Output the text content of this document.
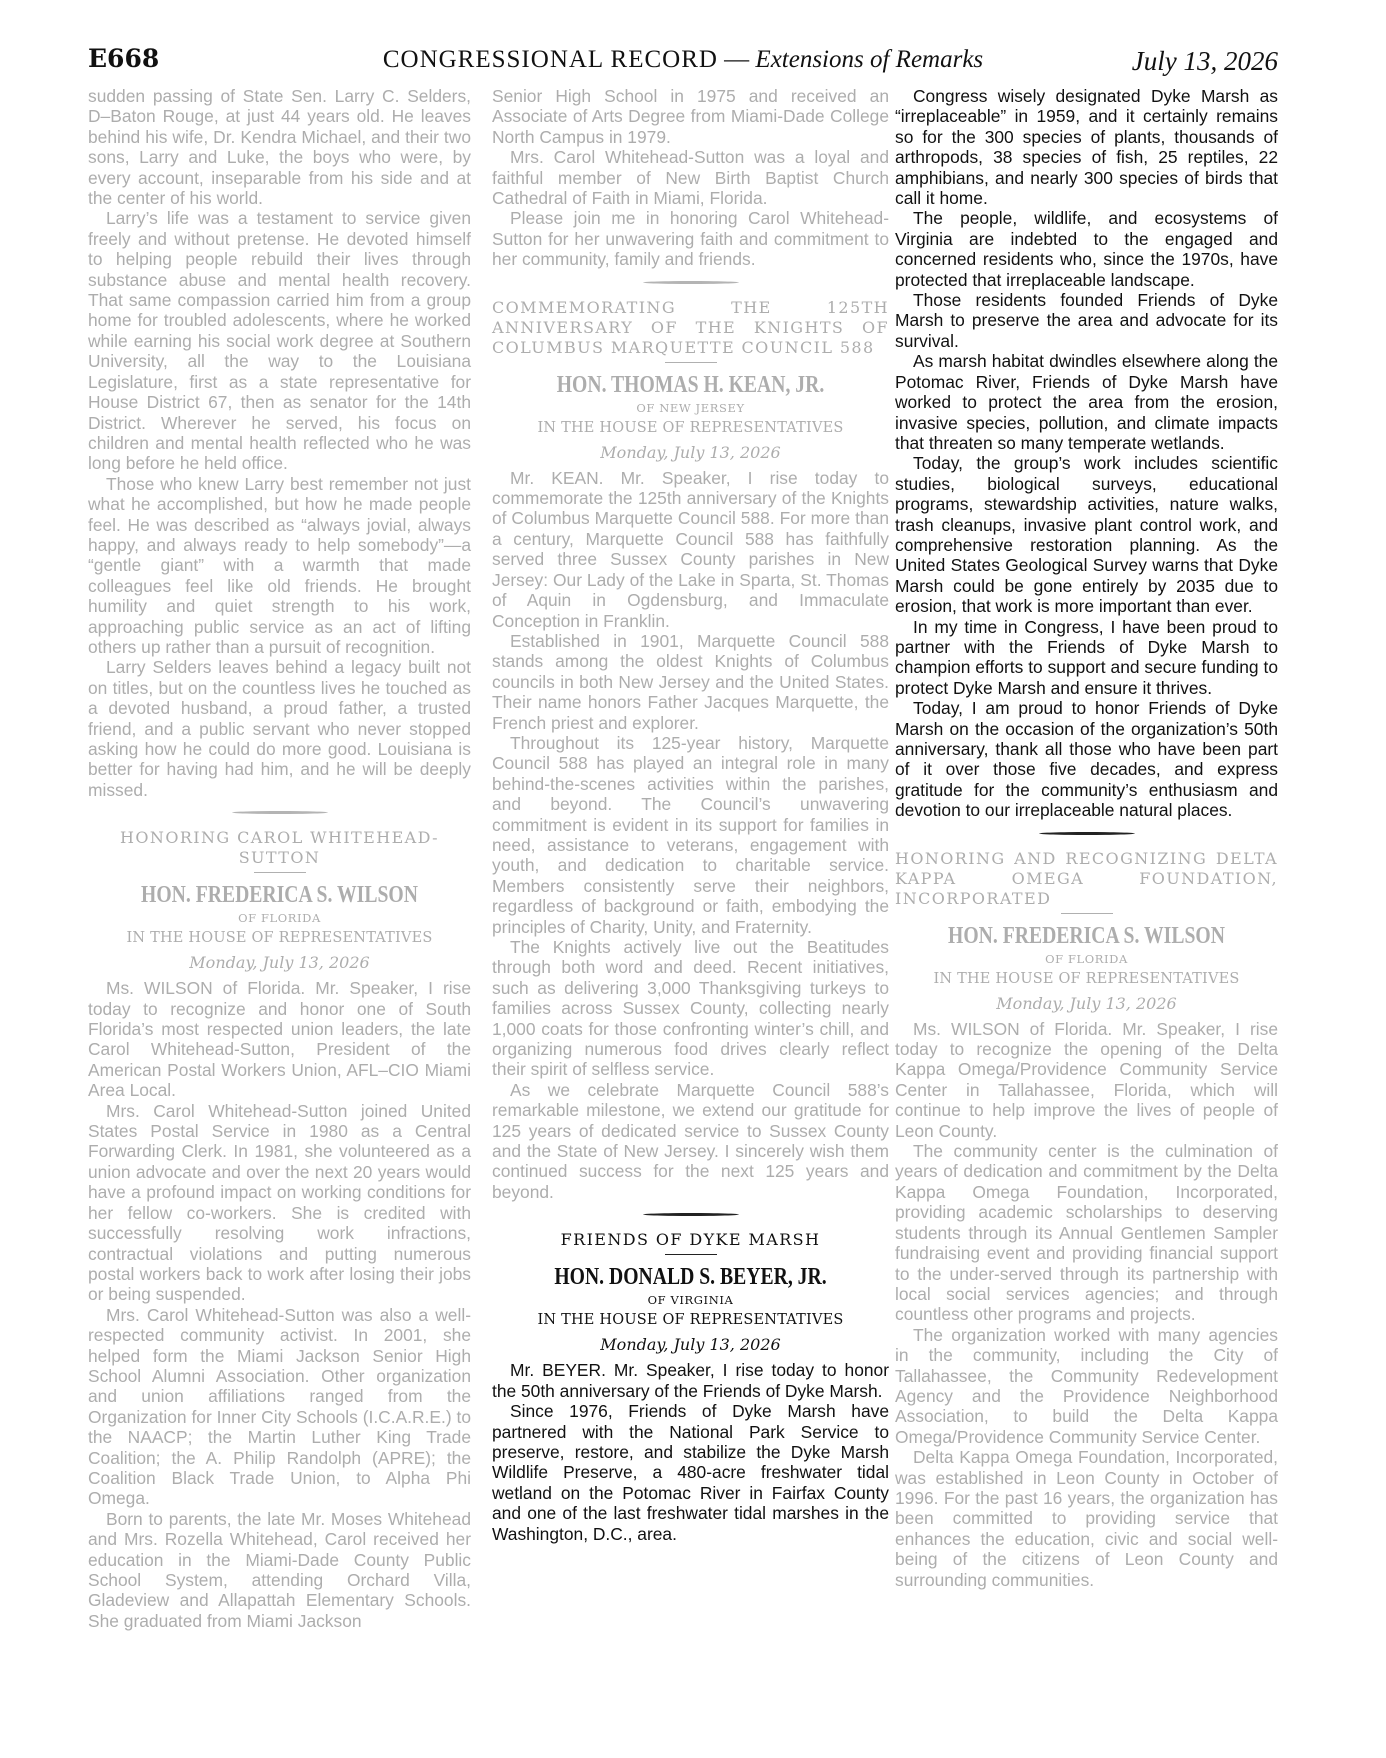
E668	CONGRESSIONAL RECORD — Extensions of Remarks	July 13, 2026

sudden passing of State Sen. Larry C. Selders, D–Baton Rouge, at just 44 years old. He leaves behind his wife, Dr. Kendra Michael, and their two sons, Larry and Luke, the boys who were, by every account, inseparable from his side and at the center of his world.

Larry’s life was a testament to service given freely and without pretense. He devoted himself to helping people rebuild their lives through substance abuse and mental health recovery. That same compassion carried him from a group home for troubled adolescents, where he worked while earning his social work degree at Southern University, all the way to the Louisiana Legislature, first as a state representative for House District 67, then as senator for the 14th District. Wherever he served, his focus on children and mental health reflected who he was long before he held office.

Those who knew Larry best remember not just what he accomplished, but how he made people feel. He was described as “always jovial, always happy, and always ready to help somebody”—a “gentle giant” with a warmth that made colleagues feel like old friends. He brought humility and quiet strength to his work, approaching public service as an act of lifting others up rather than a pursuit of recognition.

Larry Selders leaves behind a legacy built not on titles, but on the countless lives he touched as a devoted husband, a proud father, a trusted friend, and a public servant who never stopped asking how he could do more good. Louisiana is better for having had him, and he will be deeply missed.

HONORING CAROL WHITEHEAD-SUTTON
HON. FREDERICA S. WILSON
OF FLORIDA
IN THE HOUSE OF REPRESENTATIVES
Monday, July 13, 2026

Ms. WILSON of Florida. Mr. Speaker, I rise today to recognize and honor one of South Florida’s most respected union leaders, the late Carol Whitehead-Sutton, President of the American Postal Workers Union, AFL–CIO Miami Area Local.

Mrs. Carol Whitehead-Sutton joined United States Postal Service in 1980 as a Central Forwarding Clerk. In 1981, she volunteered as a union advocate and over the next 20 years would have a profound impact on working conditions for her fellow co-workers. She is credited with successfully resolving work infractions, contractual violations and putting numerous postal workers back to work after losing their jobs or being suspended.

Mrs. Carol Whitehead-Sutton was also a well-respected community activist. In 2001, she helped form the Miami Jackson Senior High School Alumni Association. Other organization and union affiliations ranged from the Organization for Inner City Schools (I.C.A.R.E.) to the NAACP; the Martin Luther King Trade Coalition; the A. Philip Randolph (APRE); the Coalition Black Trade Union, to Alpha Phi Omega.

Born to parents, the late Mr. Moses Whitehead and Mrs. Rozella Whitehead, Carol received her education in the Miami-Dade County Public School System, attending Orchard Villa, Gladeview and Allapattah Elementary Schools. She graduated from Miami Jackson

Senior High School in 1975 and received an Associate of Arts Degree from Miami-Dade College North Campus in 1979.

Mrs. Carol Whitehead-Sutton was a loyal and faithful member of New Birth Baptist Church Cathedral of Faith in Miami, Florida.

Please join me in honoring Carol Whitehead-Sutton for her unwavering faith and commitment to her community, family and friends.

COMMEMORATING THE 125TH ANNIVERSARY OF THE KNIGHTS OF COLUMBUS MARQUETTE COUNCIL 588
HON. THOMAS H. KEAN, JR.
OF NEW JERSEY
IN THE HOUSE OF REPRESENTATIVES
Monday, July 13, 2026

Mr. KEAN. Mr. Speaker, I rise today to commemorate the 125th anniversary of the Knights of Columbus Marquette Council 588. For more than a century, Marquette Council 588 has faithfully served three Sussex County parishes in New Jersey: Our Lady of the Lake in Sparta, St. Thomas of Aquin in Ogdensburg, and Immaculate Conception in Franklin.

Established in 1901, Marquette Council 588 stands among the oldest Knights of Columbus councils in both New Jersey and the United States. Their name honors Father Jacques Marquette, the French priest and explorer.

Throughout its 125-year history, Marquette Council 588 has played an integral role in many behind-the-scenes activities within the parishes, and beyond. The Council’s unwavering commitment is evident in its support for families in need, assistance to veterans, engagement with youth, and dedication to charitable service. Members consistently serve their neighbors, regardless of background or faith, embodying the principles of Charity, Unity, and Fraternity.

The Knights actively live out the Beatitudes through both word and deed. Recent initiatives, such as delivering 3,000 Thanksgiving turkeys to families across Sussex County, collecting nearly 1,000 coats for those confronting winter’s chill, and organizing numerous food drives clearly reflect their spirit of selfless service.

As we celebrate Marquette Council 588’s remarkable milestone, we extend our gratitude for 125 years of dedicated service to Sussex County and the State of New Jersey. I sincerely wish them continued success for the next 125 years and beyond.

FRIENDS OF DYKE MARSH
HON. DONALD S. BEYER, JR.
OF VIRGINIA
IN THE HOUSE OF REPRESENTATIVES
Monday, July 13, 2026

Mr. BEYER. Mr. Speaker, I rise today to honor the 50th anniversary of the Friends of Dyke Marsh.

Since 1976, Friends of Dyke Marsh have partnered with the National Park Service to preserve, restore, and stabilize the Dyke Marsh Wildlife Preserve, a 480-acre freshwater tidal wetland on the Potomac River in Fairfax County and one of the last freshwater tidal marshes in the Washington, D.C., area.

Congress wisely designated Dyke Marsh as “irreplaceable” in 1959, and it certainly remains so for the 300 species of plants, thousands of arthropods, 38 species of fish, 25 reptiles, 22 amphibians, and nearly 300 species of birds that call it home.

The people, wildlife, and ecosystems of Virginia are indebted to the engaged and concerned residents who, since the 1970s, have protected that irreplaceable landscape.

Those residents founded Friends of Dyke Marsh to preserve the area and advocate for its survival.

As marsh habitat dwindles elsewhere along the Potomac River, Friends of Dyke Marsh have worked to protect the area from the erosion, invasive species, pollution, and climate impacts that threaten so many temperate wetlands.

Today, the group’s work includes scientific studies, biological surveys, educational programs, stewardship activities, nature walks, trash cleanups, invasive plant control work, and comprehensive restoration planning. As the United States Geological Survey warns that Dyke Marsh could be gone entirely by 2035 due to erosion, that work is more important than ever.

In my time in Congress, I have been proud to partner with the Friends of Dyke Marsh to champion efforts to support and secure funding to protect Dyke Marsh and ensure it thrives.

Today, I am proud to honor Friends of Dyke Marsh on the occasion of the organization’s 50th anniversary, thank all those who have been part of it over those five decades, and express gratitude for the community’s enthusiasm and devotion to our irreplaceable natural places.

HONORING AND RECOGNIZING DELTA KAPPA OMEGA FOUNDATION, INCORPORATED
HON. FREDERICA S. WILSON
OF FLORIDA
IN THE HOUSE OF REPRESENTATIVES
Monday, July 13, 2026

Ms. WILSON of Florida. Mr. Speaker, I rise today to recognize the opening of the Delta Kappa Omega/Providence Community Service Center in Tallahassee, Florida, which will continue to help improve the lives of people of Leon County.

The community center is the culmination of years of dedication and commitment by the Delta Kappa Omega Foundation, Incorporated, providing academic scholarships to deserving students through its Annual Gentlemen Sampler fundraising event and providing financial support to the under-served through its partnership with local social services agencies; and through countless other programs and projects.

The organization worked with many agencies in the community, including the City of Tallahassee, the Community Redevelopment Agency and the Providence Neighborhood Association, to build the Delta Kappa Omega/Providence Community Service Center.

Delta Kappa Omega Foundation, Incorporated, was established in Leon County in October of 1996. For the past 16 years, the organization has been committed to providing service that enhances the education, civic and social well-being of the citizens of Leon County and surrounding communities.
